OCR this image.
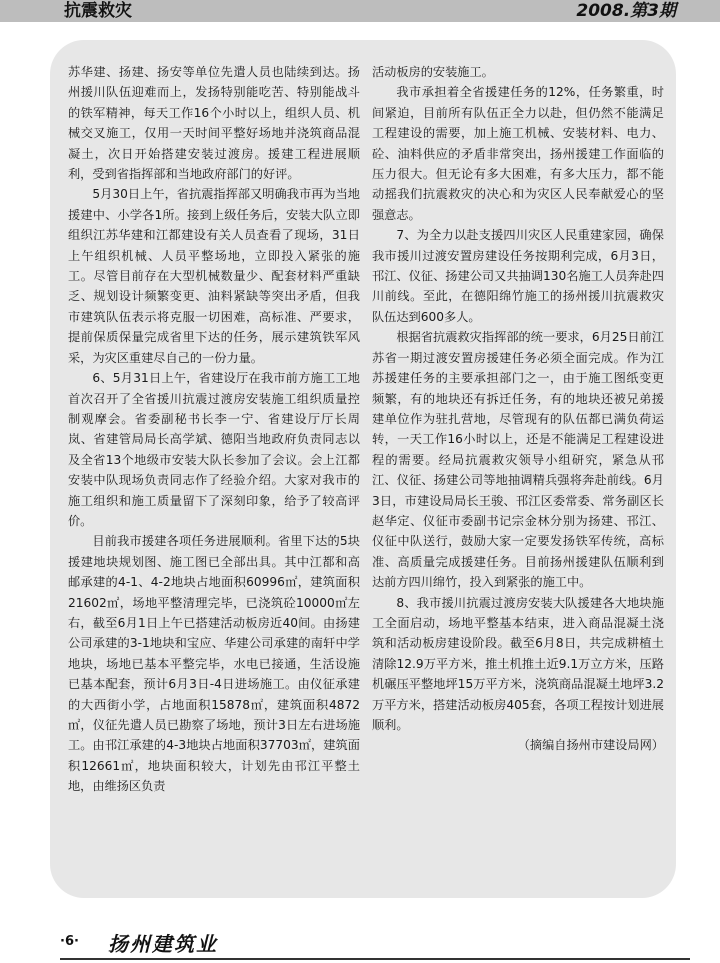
抗震救灾	2008.第3期

苏华建、扬建、扬安等单位先遣人员也陆续到达。扬州援川队伍迎难而上，发扬特别能吃苦、特别能战斗的铁军精神，每天工作16个小时以上，组织人员、机械交叉施工，仅用一天时间平整好场地并浇筑商品混凝土，次日开始搭建安装过渡房。援建工程进展顺利，受到省指挥部和当地政府部门的好评。

5月30日上午，省抗震指挥部又明确我市再为当地援建中、小学各1所。接到上级任务后，安装大队立即组织江苏华建和江都建设有关人员查看了现场，31日上午组织机械、人员平整场地，立即投入紧张的施工。尽管目前存在大型机械数量少、配套材料严重缺乏、规划设计频繁变更、油料紧缺等突出矛盾，但我市建筑队伍表示将克服一切困难，高标准、严要求，提前保质保量完成省里下达的任务，展示建筑铁军风采，为灾区重建尽自己的一份力量。

6、5月31日上午，省建设厅在我市前方施工工地首次召开了全省援川抗震过渡房安装施工组织质量控制观摩会。省委副秘书长李一宁、省建设厅厅长周岚、省建管局局长高学斌、德阳当地政府负责同志以及全省13个地级市安装大队长参加了会议。会上江都安装中队现场负责同志作了经验介绍。大家对我市的施工组织和施工质量留下了深刻印象，给予了较高评价。

目前我市援建各项任务进展顺利。省里下达的5块援建地块规划图、施工图已全部出具。其中江都和高邮承建的4-1、4-2地块占地面积60996㎡，建筑面积21602㎡，场地平整清理完毕，已浇筑砼10000㎡左右，截至6月1日上午已搭建活动板房近40间。由扬建公司承建的3-1地块和宝应、华建公司承建的南轩中学地块，场地已基本平整完毕，水电已接通，生活设施已基本配套，预计6月3日-4日进场施工。由仪征承建的大西街小学，占地面积15878㎡，建筑面积4872㎡，仪征先遣人员已勘察了场地，预计3日左右进场施工。由邗江承建的4-3地块占地面积37703㎡，建筑面积12661㎡，地块面积较大，计划先由邗江平整土地，由维扬区负责

活动板房的安装施工。

我市承担着全省援建任务的12%，任务繁重，时间紧迫，目前所有队伍正全力以赴，但仍然不能满足工程建设的需要，加上施工机械、安装材料、电力、砼、油料供应的矛盾非常突出，扬州援建工作面临的压力很大。但无论有多大困难，有多大压力，都不能动摇我们抗震救灾的决心和为灾区人民奉献爱心的坚强意志。

7、为全力以赴支援四川灾区人民重建家园，确保我市援川过渡安置房建设任务按期利完成，6月3日，邗江、仪征、扬建公司又共抽调130名施工人员奔赴四川前线。至此，在德阳绵竹施工的扬州援川抗震救灾队伍达到600多人。

根据省抗震救灾指挥部的统一要求，6月25日前江苏省一期过渡安置房援建任务必须全面完成。作为江苏援建任务的主要承担部门之一，由于施工图纸变更频繁，有的地块还有拆迁任务，有的地块还被兄弟援建单位作为驻扎营地，尽管现有的队伍都已满负荷运转，一天工作16小时以上，还是不能满足工程建设进程的需要。经局抗震救灾领导小组研究，紧急从邗江、仪征、扬建公司等地抽调精兵强将奔赴前线。6月3日，市建设局局长王骏、邗江区委常委、常务副区长赵华定、仪征市委副书记宗金林分别为扬建、邗江、仪征中队送行，鼓励大家一定要发扬铁军传统，高标准、高质量完成援建任务。目前扬州援建队伍顺利到达前方四川绵竹，投入到紧张的施工中。

8、我市援川抗震过渡房安装大队援建各大地块施工全面启动，场地平整基本结束，进入商品混凝土浇筑和活动板房建设阶段。截至6月8日，共完成耕植土清除12.9万平方米，推土机推土近9.1万立方米，压路机碾压平整地坪15万平方米，浇筑商品混凝土地坪3.2万平方米，搭建活动板房405套，各项工程按计划进展顺利。

（摘编自扬州市建设局网）

·6· 扬州建筑业
